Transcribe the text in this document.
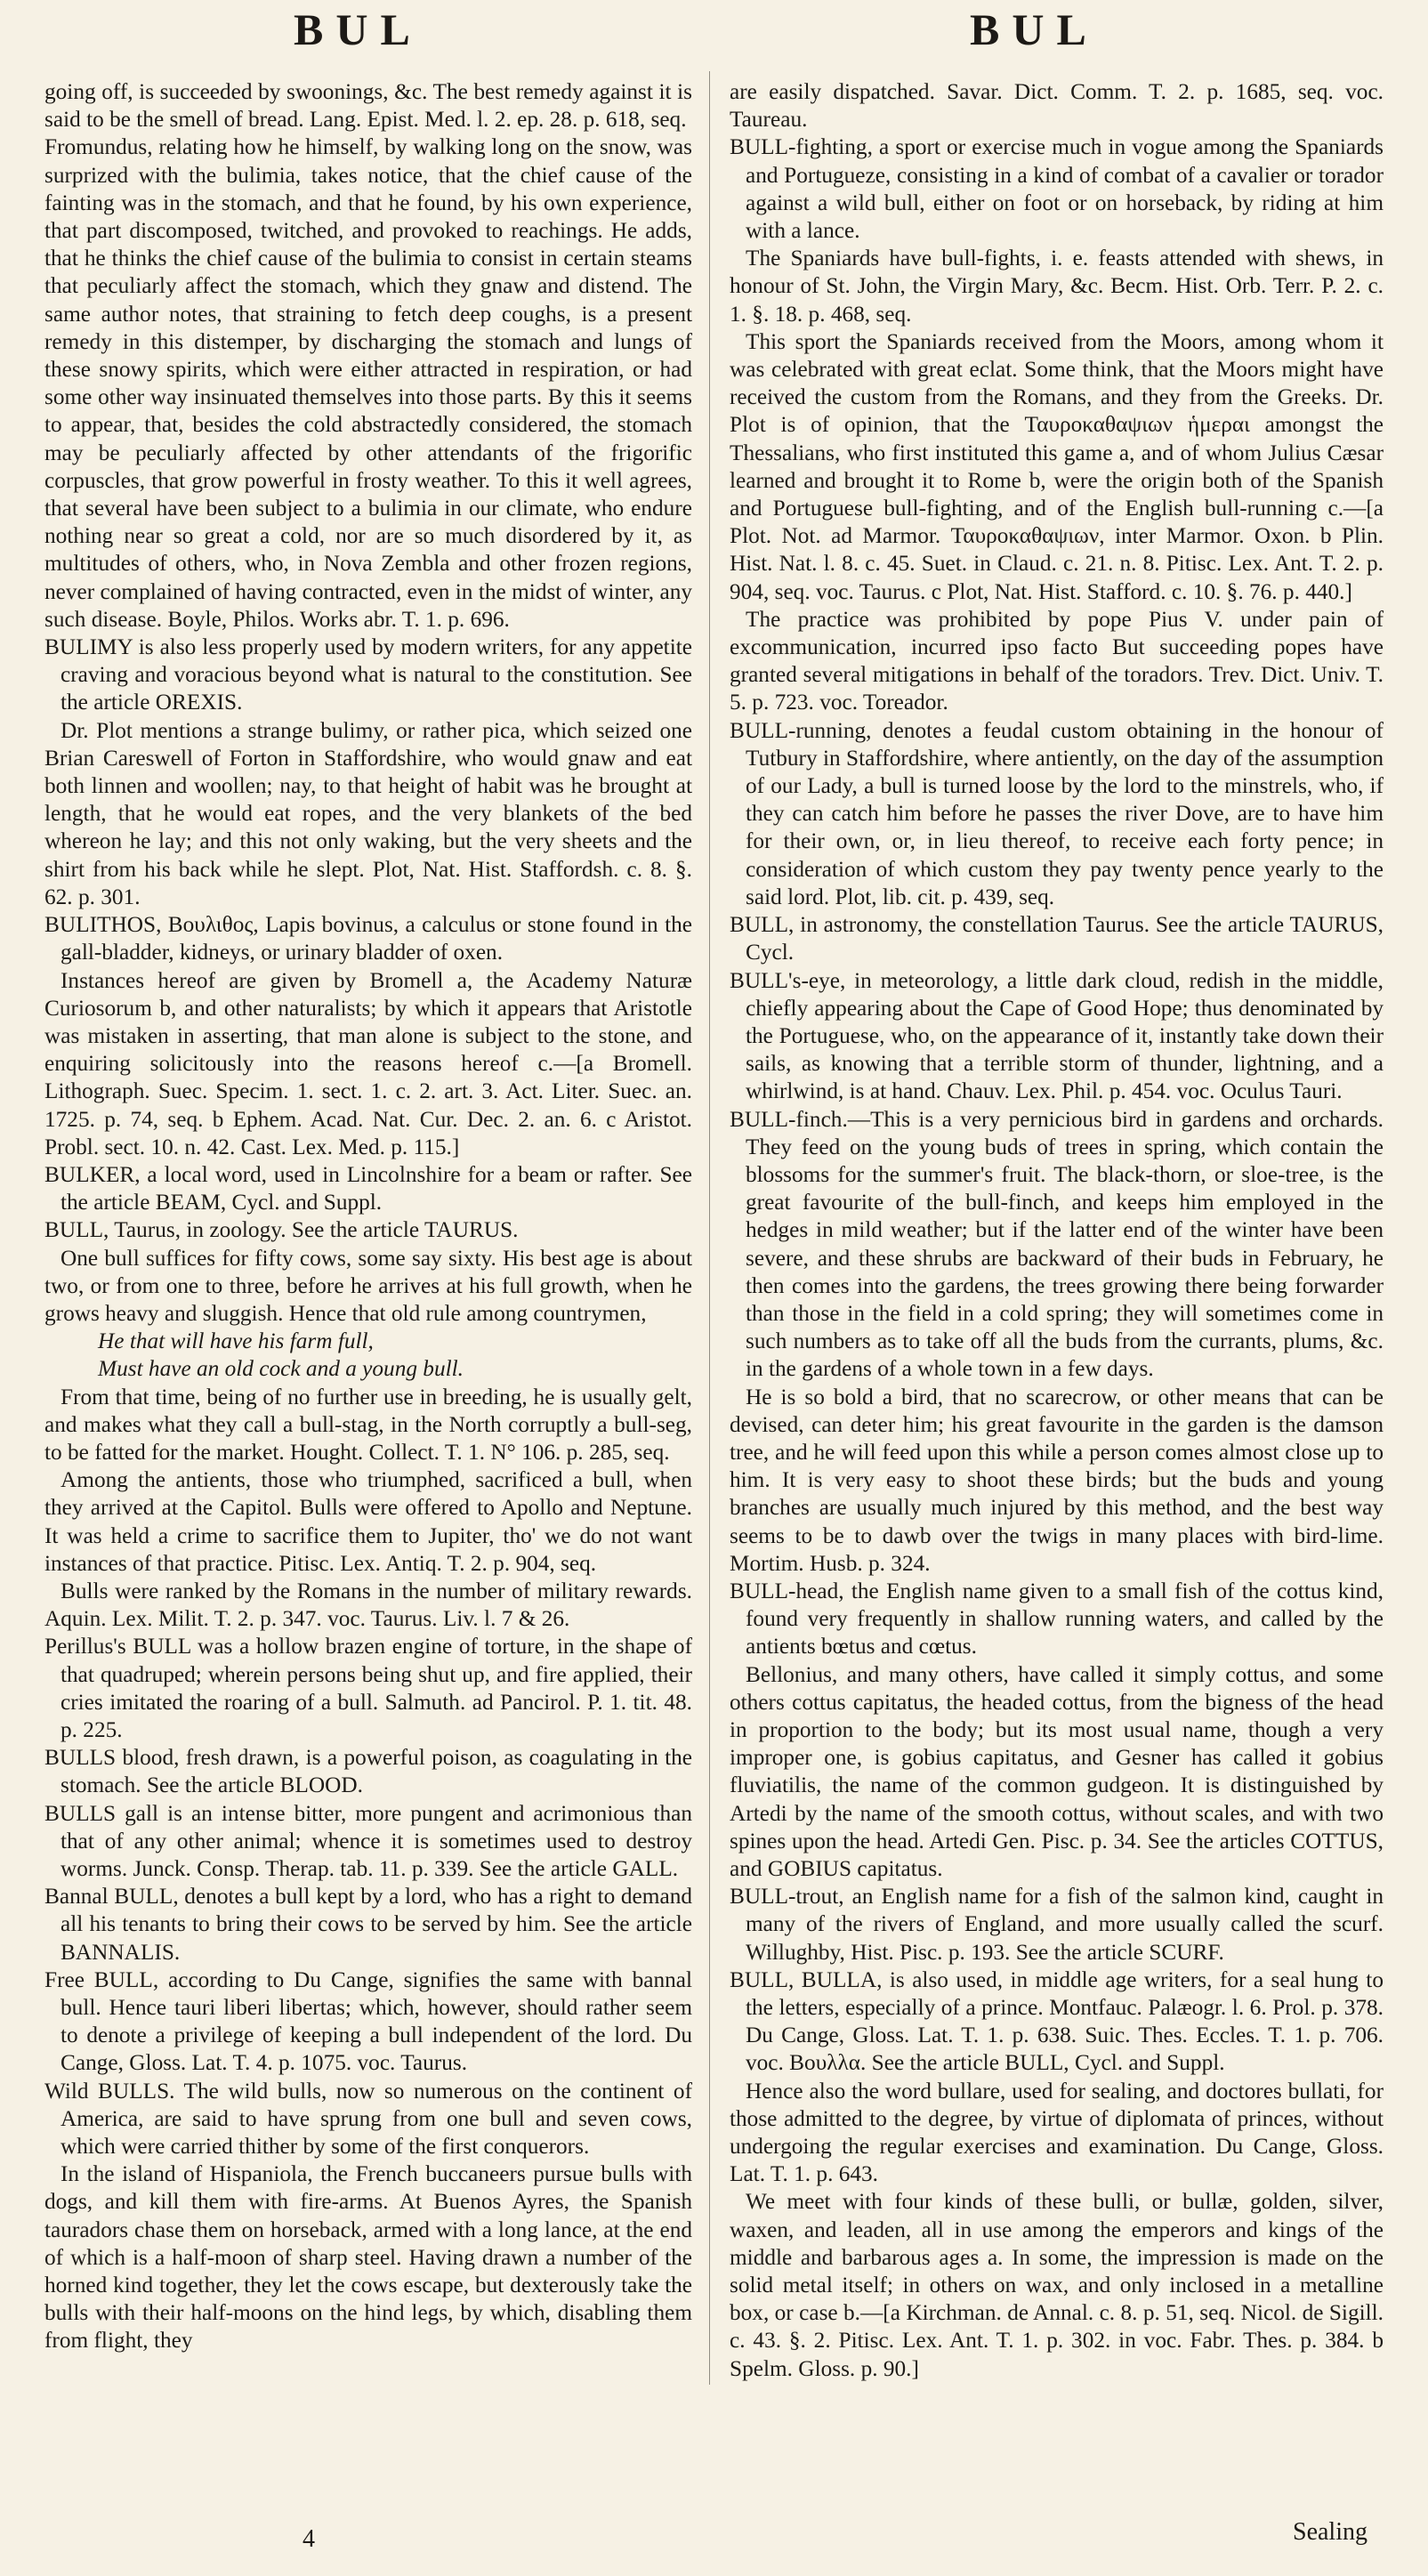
BUL	BUL

going off, is succeeded by swoonings, &c. The best remedy against it is said to be the smell of bread. Lang. Epist. Med. l. 2. ep. 28. p. 618, seq.

Fromundus, relating how he himself, by walking long on the snow, was surprized with the bulimia, takes notice, that the chief cause of the fainting was in the stomach, and that he found, by his own experience, that part discomposed, twitched, and provoked to reachings. He adds, that he thinks the chief cause of the bulimia to consist in certain steams that peculiarly affect the stomach, which they gnaw and distend. The same author notes, that straining to fetch deep coughs, is a present remedy in this distemper, by discharging the stomach and lungs of these snowy spirits, which were either attracted in respiration, or had some other way insinuated themselves into those parts. By this it seems to appear, that, besides the cold abstractedly considered, the stomach may be peculiarly affected by other attendants of the frigorific corpuscles, that grow powerful in frosty weather. To this it well agrees, that several have been subject to a bulimia in our climate, who endure nothing near so great a cold, nor are so much disordered by it, as multitudes of others, who, in Nova Zembla and other frozen regions, never complained of having contracted, even in the midst of winter, any such disease. Boyle, Philos. Works abr. T. 1. p. 696.

BULIMY is also less properly used by modern writers, for any appetite craving and voracious beyond what is natural to the constitution. See the article OREXIS.

Dr. Plot mentions a strange bulimy, or rather pica, which seized one Brian Careswell of Forton in Staffordshire, who would gnaw and eat both linnen and woollen; nay, to that height of habit was he brought at length, that he would eat ropes, and the very blankets of the bed whereon he lay; and this not only waking, but the very sheets and the shirt from his back while he slept. Plot, Nat. Hist. Staffordsh. c. 8. §. 62. p. 301.

BULITHOS, Βουλιθος, Lapis bovinus, a calculus or stone found in the gall-bladder, kidneys, or urinary bladder of oxen.

Instances hereof are given by Bromell a, the Academy Naturæ Curiosorum b, and other naturalists; by which it appears that Aristotle was mistaken in asserting, that man alone is subject to the stone, and enquiring solicitously into the reasons hereof c.—[a Bromell. Lithograph. Suec. Specim. 1. sect. 1. c. 2. art. 3. Act. Liter. Suec. an. 1725. p. 74, seq. b Ephem. Acad. Nat. Cur. Dec. 2. an. 6. c Aristot. Probl. sect. 10. n. 42. Cast. Lex. Med. p. 115.]

BULKER, a local word, used in Lincolnshire for a beam or rafter. See the article BEAM, Cycl. and Suppl.

BULL, Taurus, in zoology. See the article TAURUS.

One bull suffices for fifty cows, some say sixty. His best age is about two, or from one to three, before he arrives at his full growth, when he grows heavy and sluggish. Hence that old rule among countrymen,

He that will have his farm full,

Must have an old cock and a young bull.

From that time, being of no further use in breeding, he is usually gelt, and makes what they call a bull-stag, in the North corruptly a bull-seg, to be fatted for the market. Hought. Collect. T. 1. N° 106. p. 285, seq.

Among the antients, those who triumphed, sacrificed a bull, when they arrived at the Capitol. Bulls were offered to Apollo and Neptune. It was held a crime to sacrifice them to Jupiter, tho' we do not want instances of that practice. Pitisc. Lex. Antiq. T. 2. p. 904, seq.

Bulls were ranked by the Romans in the number of military rewards. Aquin. Lex. Milit. T. 2. p. 347. voc. Taurus. Liv. l. 7 & 26.

Perillus's BULL was a hollow brazen engine of torture, in the shape of that quadruped; wherein persons being shut up, and fire applied, their cries imitated the roaring of a bull. Salmuth. ad Pancirol. P. 1. tit. 48. p. 225.

BULLS blood, fresh drawn, is a powerful poison, as coagulating in the stomach. See the article BLOOD.

BULLS gall is an intense bitter, more pungent and acrimonious than that of any other animal; whence it is sometimes used to destroy worms. Junck. Consp. Therap. tab. 11. p. 339. See the article GALL.

Bannal BULL, denotes a bull kept by a lord, who has a right to demand all his tenants to bring their cows to be served by him. See the article BANNALIS.

Free BULL, according to Du Cange, signifies the same with bannal bull. Hence tauri liberi libertas; which, however, should rather seem to denote a privilege of keeping a bull independent of the lord. Du Cange, Gloss. Lat. T. 4. p. 1075. voc. Taurus.

Wild BULLS. The wild bulls, now so numerous on the continent of America, are said to have sprung from one bull and seven cows, which were carried thither by some of the first conquerors.

In the island of Hispaniola, the French buccaneers pursue bulls with dogs, and kill them with fire-arms. At Buenos Ayres, the Spanish tauradors chase them on horseback, armed with a long lance, at the end of which is a half-moon of sharp steel. Having drawn a number of the horned kind together, they let the cows escape, but dexterously take the bulls with their half-moons on the hind legs, by which, disabling them from flight, they

are easily dispatched. Savar. Dict. Comm. T. 2. p. 1685, seq. voc. Taureau.

BULL-fighting, a sport or exercise much in vogue among the Spaniards and Portugueze, consisting in a kind of combat of a cavalier or torador against a wild bull, either on foot or on horseback, by riding at him with a lance.

The Spaniards have bull-fights, i. e. feasts attended with shews, in honour of St. John, the Virgin Mary, &c. Becm. Hist. Orb. Terr. P. 2. c. 1. §. 18. p. 468, seq.

This sport the Spaniards received from the Moors, among whom it was celebrated with great eclat. Some think, that the Moors might have received the custom from the Romans, and they from the Greeks. Dr. Plot is of opinion, that the Ταυροκαθαψιων ἡμεραι amongst the Thessalians, who first instituted this game a, and of whom Julius Cæsar learned and brought it to Rome b, were the origin both of the Spanish and Portuguese bull-fighting, and of the English bull-running c.—[a Plot. Not. ad Marmor. Ταυροκαθαψιων, inter Marmor. Oxon. b Plin. Hist. Nat. l. 8. c. 45. Suet. in Claud. c. 21. n. 8. Pitisc. Lex. Ant. T. 2. p. 904, seq. voc. Taurus. c Plot, Nat. Hist. Stafford. c. 10. §. 76. p. 440.]

The practice was prohibited by pope Pius V. under pain of excommunication, incurred ipso facto But succeeding popes have granted several mitigations in behalf of the toradors. Trev. Dict. Univ. T. 5. p. 723. voc. Toreador.

BULL-running, denotes a feudal custom obtaining in the honour of Tutbury in Staffordshire, where antiently, on the day of the assumption of our Lady, a bull is turned loose by the lord to the minstrels, who, if they can catch him before he passes the river Dove, are to have him for their own, or, in lieu thereof, to receive each forty pence; in consideration of which custom they pay twenty pence yearly to the said lord. Plot, lib. cit. p. 439, seq.

BULL, in astronomy, the constellation Taurus. See the article TAURUS, Cycl.

BULL's-eye, in meteorology, a little dark cloud, redish in the middle, chiefly appearing about the Cape of Good Hope; thus denominated by the Portuguese, who, on the appearance of it, instantly take down their sails, as knowing that a terrible storm of thunder, lightning, and a whirlwind, is at hand. Chauv. Lex. Phil. p. 454. voc. Oculus Tauri.

BULL-finch.—This is a very pernicious bird in gardens and orchards. They feed on the young buds of trees in spring, which contain the blossoms for the summer's fruit. The black-thorn, or sloe-tree, is the great favourite of the bull-finch, and keeps him employed in the hedges in mild weather; but if the latter end of the winter have been severe, and these shrubs are backward of their buds in February, he then comes into the gardens, the trees growing there being forwarder than those in the field in a cold spring; they will sometimes come in such numbers as to take off all the buds from the currants, plums, &c. in the gardens of a whole town in a few days.

He is so bold a bird, that no scarecrow, or other means that can be devised, can deter him; his great favourite in the garden is the damson tree, and he will feed upon this while a person comes almost close up to him. It is very easy to shoot these birds; but the buds and young branches are usually much injured by this method, and the best way seems to be to dawb over the twigs in many places with bird-lime. Mortim. Husb. p. 324.

BULL-head, the English name given to a small fish of the cottus kind, found very frequently in shallow running waters, and called by the antients bœtus and cœtus.

Bellonius, and many others, have called it simply cottus, and some others cottus capitatus, the headed cottus, from the bigness of the head in proportion to the body; but its most usual name, though a very improper one, is gobius capitatus, and Gesner has called it gobius fluviatilis, the name of the common gudgeon. It is distinguished by Artedi by the name of the smooth cottus, without scales, and with two spines upon the head. Artedi Gen. Pisc. p. 34. See the articles COTTUS, and GOBIUS capitatus.

BULL-trout, an English name for a fish of the salmon kind, caught in many of the rivers of England, and more usually called the scurf. Willughby, Hist. Pisc. p. 193. See the article SCURF.

BULL, BULLA, is also used, in middle age writers, for a seal hung to the letters, especially of a prince. Montfauc. Palæogr. l. 6. Prol. p. 378. Du Cange, Gloss. Lat. T. 1. p. 638. Suic. Thes. Eccles. T. 1. p. 706. voc. Βουλλα. See the article BULL, Cycl. and Suppl.

Hence also the word bullare, used for sealing, and doctores bullati, for those admitted to the degree, by virtue of diplomata of princes, without undergoing the regular exercises and examination. Du Cange, Gloss. Lat. T. 1. p. 643.

We meet with four kinds of these bulli, or bullæ, golden, silver, waxen, and leaden, all in use among the emperors and kings of the middle and barbarous ages a. In some, the impression is made on the solid metal itself; in others on wax, and only inclosed in a metalline box, or case b.—[a Kirchman. de Annal. c. 8. p. 51, seq. Nicol. de Sigill. c. 43. §. 2. Pitisc. Lex. Ant. T. 1. p. 302. in voc. Fabr. Thes. p. 384. b Spelm. Gloss. p. 90.]

4	Sealing
